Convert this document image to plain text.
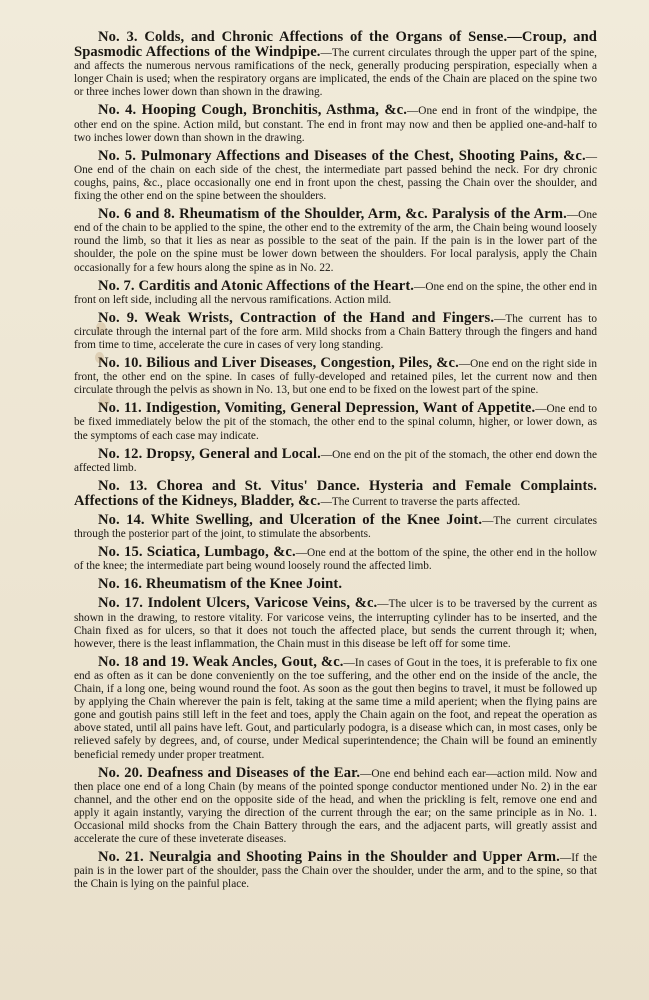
No. 3. Colds, and Chronic Affections of the Organs of Sense.—Croup, and Spasmodic Affections of the Windpipe.—The current circulates through the upper part of the spine, and affects the numerous nervous ramifications of the neck, generally producing perspiration, especially when a longer Chain is used; when the respiratory organs are implicated, the ends of the Chain are placed on the spine two or three inches lower down than shown in the drawing.

No. 4. Hooping Cough, Bronchitis, Asthma, &c.—One end in front of the windpipe, the other end on the spine. Action mild, but constant. The end in front may now and then be applied one-and-half to two inches lower down than shown in the drawing.

No. 5. Pulmonary Affections and Diseases of the Chest, Shooting Pains, &c.—One end of the chain on each side of the chest, the intermediate part passed behind the neck. For dry chronic coughs, pains, &c., place occasionally one end in front upon the chest, passing the Chain over the shoulder, and fixing the other end on the spine between the shoulders.

No. 6 and 8. Rheumatism of the Shoulder, Arm, &c. Paralysis of the Arm.—One end of the chain to be applied to the spine, the other end to the extremity of the arm, the Chain being wound loosely round the limb, so that it lies as near as possible to the seat of the pain. If the pain is in the lower part of the shoulder, the pole on the spine must be lower down between the shoulders. For local paralysis, apply the Chain occasionally for a few hours along the spine as in No. 22.

No. 7. Carditis and Atonic Affections of the Heart.—One end on the spine, the other end in front on left side, including all the nervous ramifications. Action mild.

No. 9. Weak Wrists, Contraction of the Hand and Fingers.—The current has to circulate through the internal part of the fore arm. Mild shocks from a Chain Battery through the fingers and hand from time to time, accelerate the cure in cases of very long standing.

No. 10. Bilious and Liver Diseases, Congestion, Piles, &c.—One end on the right side in front, the other end on the spine. In cases of fully-developed and retained piles, let the current now and then circulate through the pelvis as shown in No. 13, but one end to be fixed on the lowest part of the spine.

No. 11. Indigestion, Vomiting, General Depression, Want of Appetite.—One end to be fixed immediately below the pit of the stomach, the other end to the spinal column, higher, or lower down, as the symptoms of each case may indicate.

No. 12. Dropsy, General and Local.—One end on the pit of the stomach, the other end down the affected limb.

No. 13. Chorea and St. Vitus' Dance. Hysteria and Female Complaints. Affections of the Kidneys, Bladder, &c.—The Current to traverse the parts affected.

No. 14. White Swelling, and Ulceration of the Knee Joint.—The current circulates through the posterior part of the joint, to stimulate the absorbents.

No. 15. Sciatica, Lumbago, &c.—One end at the bottom of the spine, the other end in the hollow of the knee; the intermediate part being wound loosely round the affected limb.

No. 16. Rheumatism of the Knee Joint.

No. 17. Indolent Ulcers, Varicose Veins, &c.—The ulcer is to be traversed by the current as shown in the drawing, to restore vitality. For varicose veins, the interrupting cylinder has to be inserted, and the Chain fixed as for ulcers, so that it does not touch the affected place, but sends the current through it; when, however, there is the least inflammation, the Chain must in this disease be left off for some time.

No. 18 and 19. Weak Ancles, Gout, &c.—In cases of Gout in the toes, it is preferable to fix one end as often as it can be done conveniently on the toe suffering, and the other end on the inside of the ancle, the Chain, if a long one, being wound round the foot. As soon as the gout then begins to travel, it must be followed up by applying the Chain wherever the pain is felt, taking at the same time a mild aperient; when the flying pains are gone and goutish pains still left in the feet and toes, apply the Chain again on the foot, and repeat the operation as above stated, until all pains have left. Gout, and particularly podogra, is a disease which can, in most cases, only be relieved safely by degrees, and, of course, under Medical superintendence; the Chain will be found an eminently beneficial remedy under proper treatment.

No. 20. Deafness and Diseases of the Ear.—One end behind each ear—action mild. Now and then place one end of a long Chain (by means of the pointed sponge conductor mentioned under No. 2) in the ear channel, and the other end on the opposite side of the head, and when the prickling is felt, remove one end and apply it again instantly, varying the direction of the current through the ear; on the same principle as in No. 1. Occasional mild shocks from the Chain Battery through the ears, and the adjacent parts, will greatly assist and accelerate the cure of these inveterate diseases.

No. 21. Neuralgia and Shooting Pains in the Shoulder and Upper Arm.—If the pain is in the lower part of the shoulder, pass the Chain over the shoulder, under the arm, and to the spine, so that the Chain is lying on the painful place.
